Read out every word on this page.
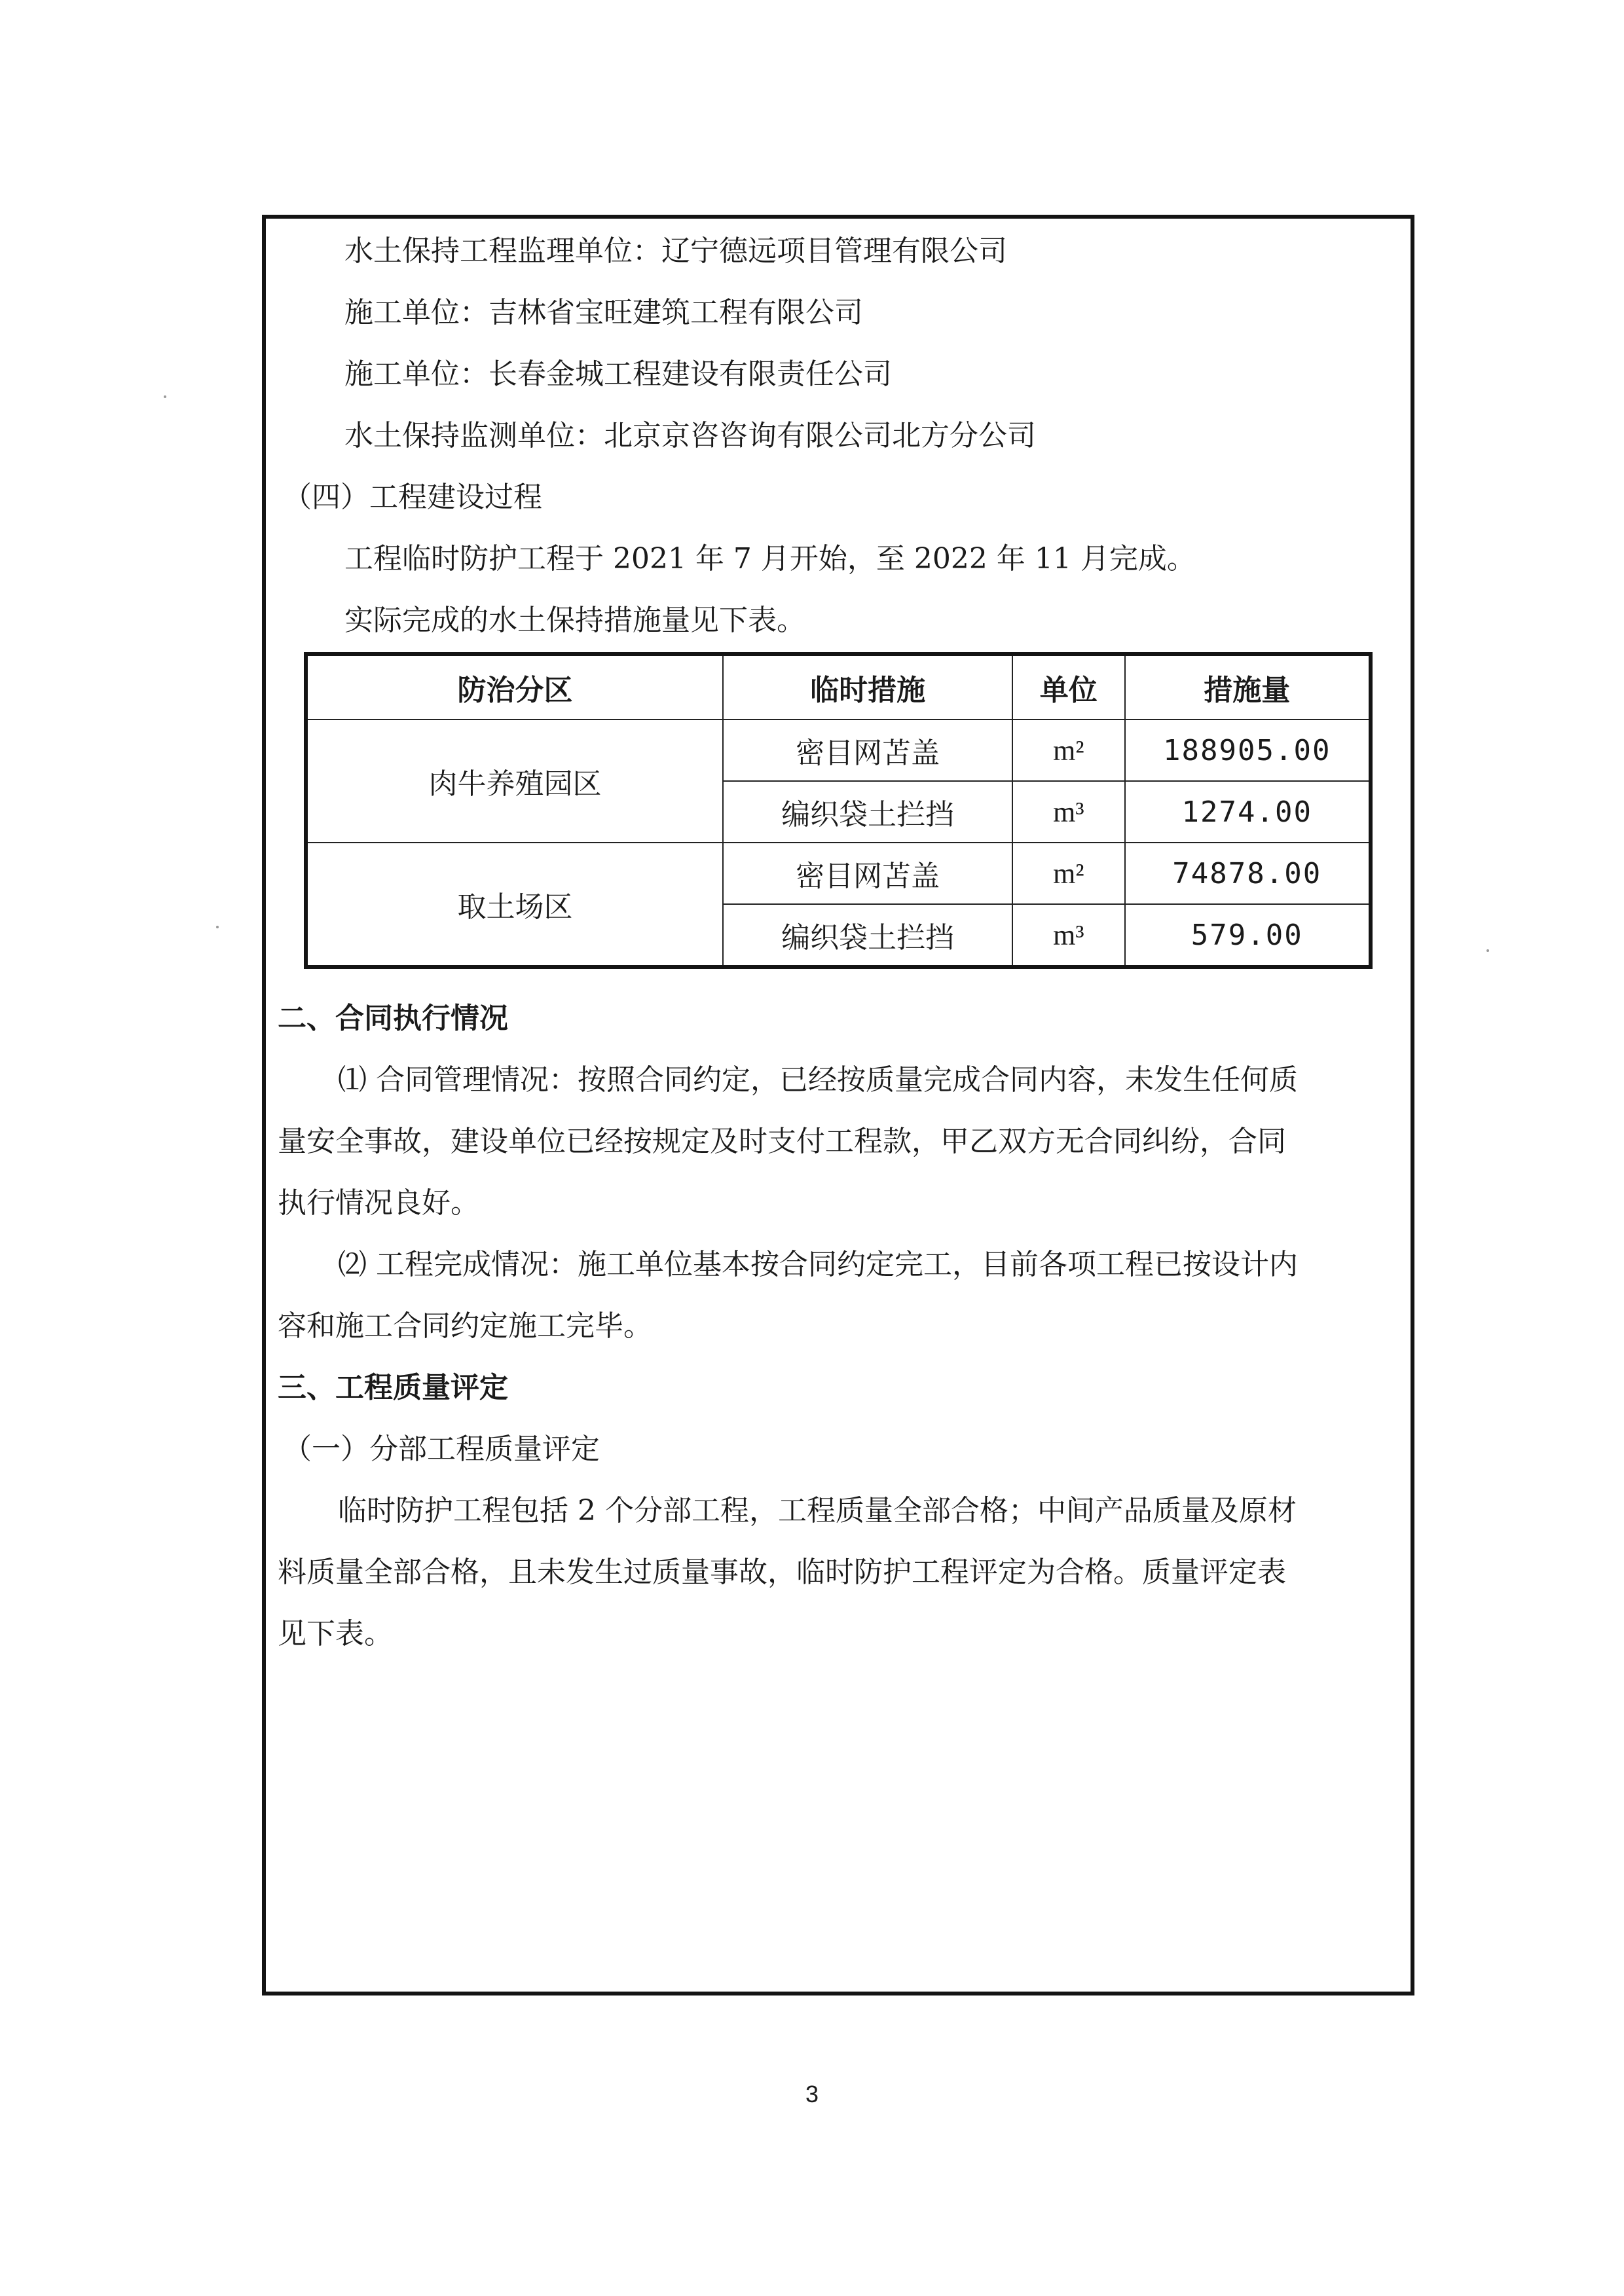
水土保持工程监理单位：辽宁德远项目管理有限公司
施工单位：吉林省宝旺建筑工程有限公司
施工单位：长春金城工程建设有限责任公司
水土保持监测单位：北京京咨咨询有限公司北方分公司
（四）工程建设过程
工程临时防护工程于 2021 年 7 月开始，至 2022 年 11 月完成。
实际完成的水土保持措施量见下表。
防治分区	临时措施	单位	措施量
肉牛养殖园区	密目网苫盖	m²	188905.00
	编织袋土拦挡	m³	1274.00
取土场区	密目网苫盖	m²	74878.00
	编织袋土拦挡	m³	579.00
二、合同执行情况
⑴ 合同管理情况：按照合同约定，已经按质量完成合同内容，未发生任何质
量安全事故，建设单位已经按规定及时支付工程款，甲乙双方无合同纠纷，合同
执行情况良好。
⑵ 工程完成情况：施工单位基本按合同约定完工，目前各项工程已按设计内
容和施工合同约定施工完毕。
三、工程质量评定
（一）分部工程质量评定
临时防护工程包括 2 个分部工程，工程质量全部合格；中间产品质量及原材
料质量全部合格，且未发生过质量事故，临时防护工程评定为合格。质量评定表
见下表。
3
